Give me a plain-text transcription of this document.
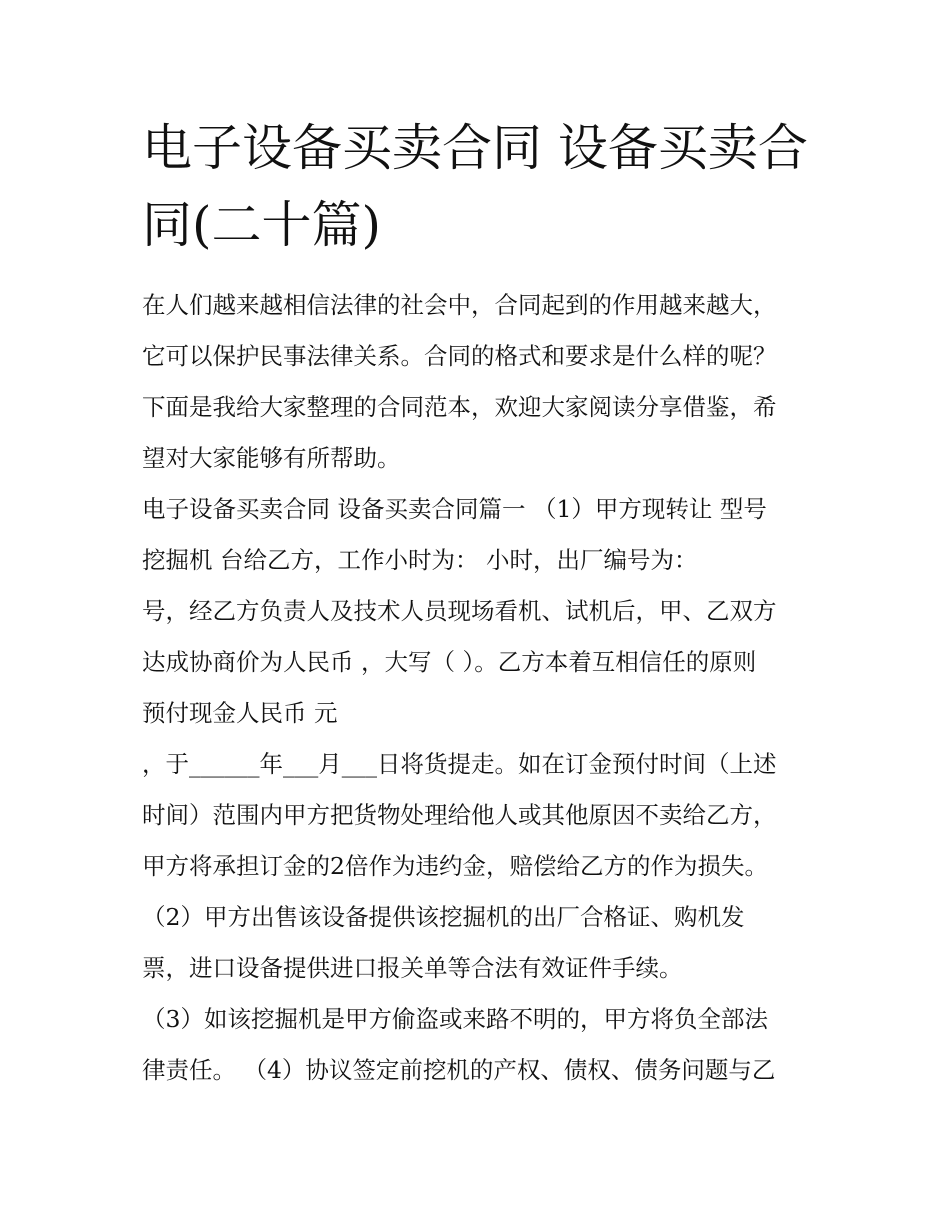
电子设备买卖合同 设备买卖合
同(二十篇)
在人们越来越相信法律的社会中，合同起到的作用越来越大，
它可以保护民事法律关系。合同的格式和要求是什么样的呢？
下面是我给大家整理的合同范本，欢迎大家阅读分享借鉴，希
望对大家能够有所帮助。
电子设备买卖合同 设备买卖合同篇一 （1）甲方现转让 型号
挖掘机 台给乙方，工作小时为： 小时，出厂编号为：
号，经乙方负责人及技术人员现场看机、试机后，甲、乙双方
达成协商价为人民币 ，大写（ ）。乙方本着互相信任的原则
预付现金人民币 元
，于______年___月___日将货提走。如在订金预付时间（上述
时间）范围内甲方把货物处理给他人或其他原因不卖给乙方，
甲方将承担订金的2倍作为违约金，赔偿给乙方的作为损失。
（2）甲方出售该设备提供该挖掘机的出厂合格证、购机发
票，进口设备提供进口报关单等合法有效证件手续。
（3）如该挖掘机是甲方偷盗或来路不明的，甲方将负全部法
律责任。 （4）协议签定前挖机的产权、债权、债务问题与乙
